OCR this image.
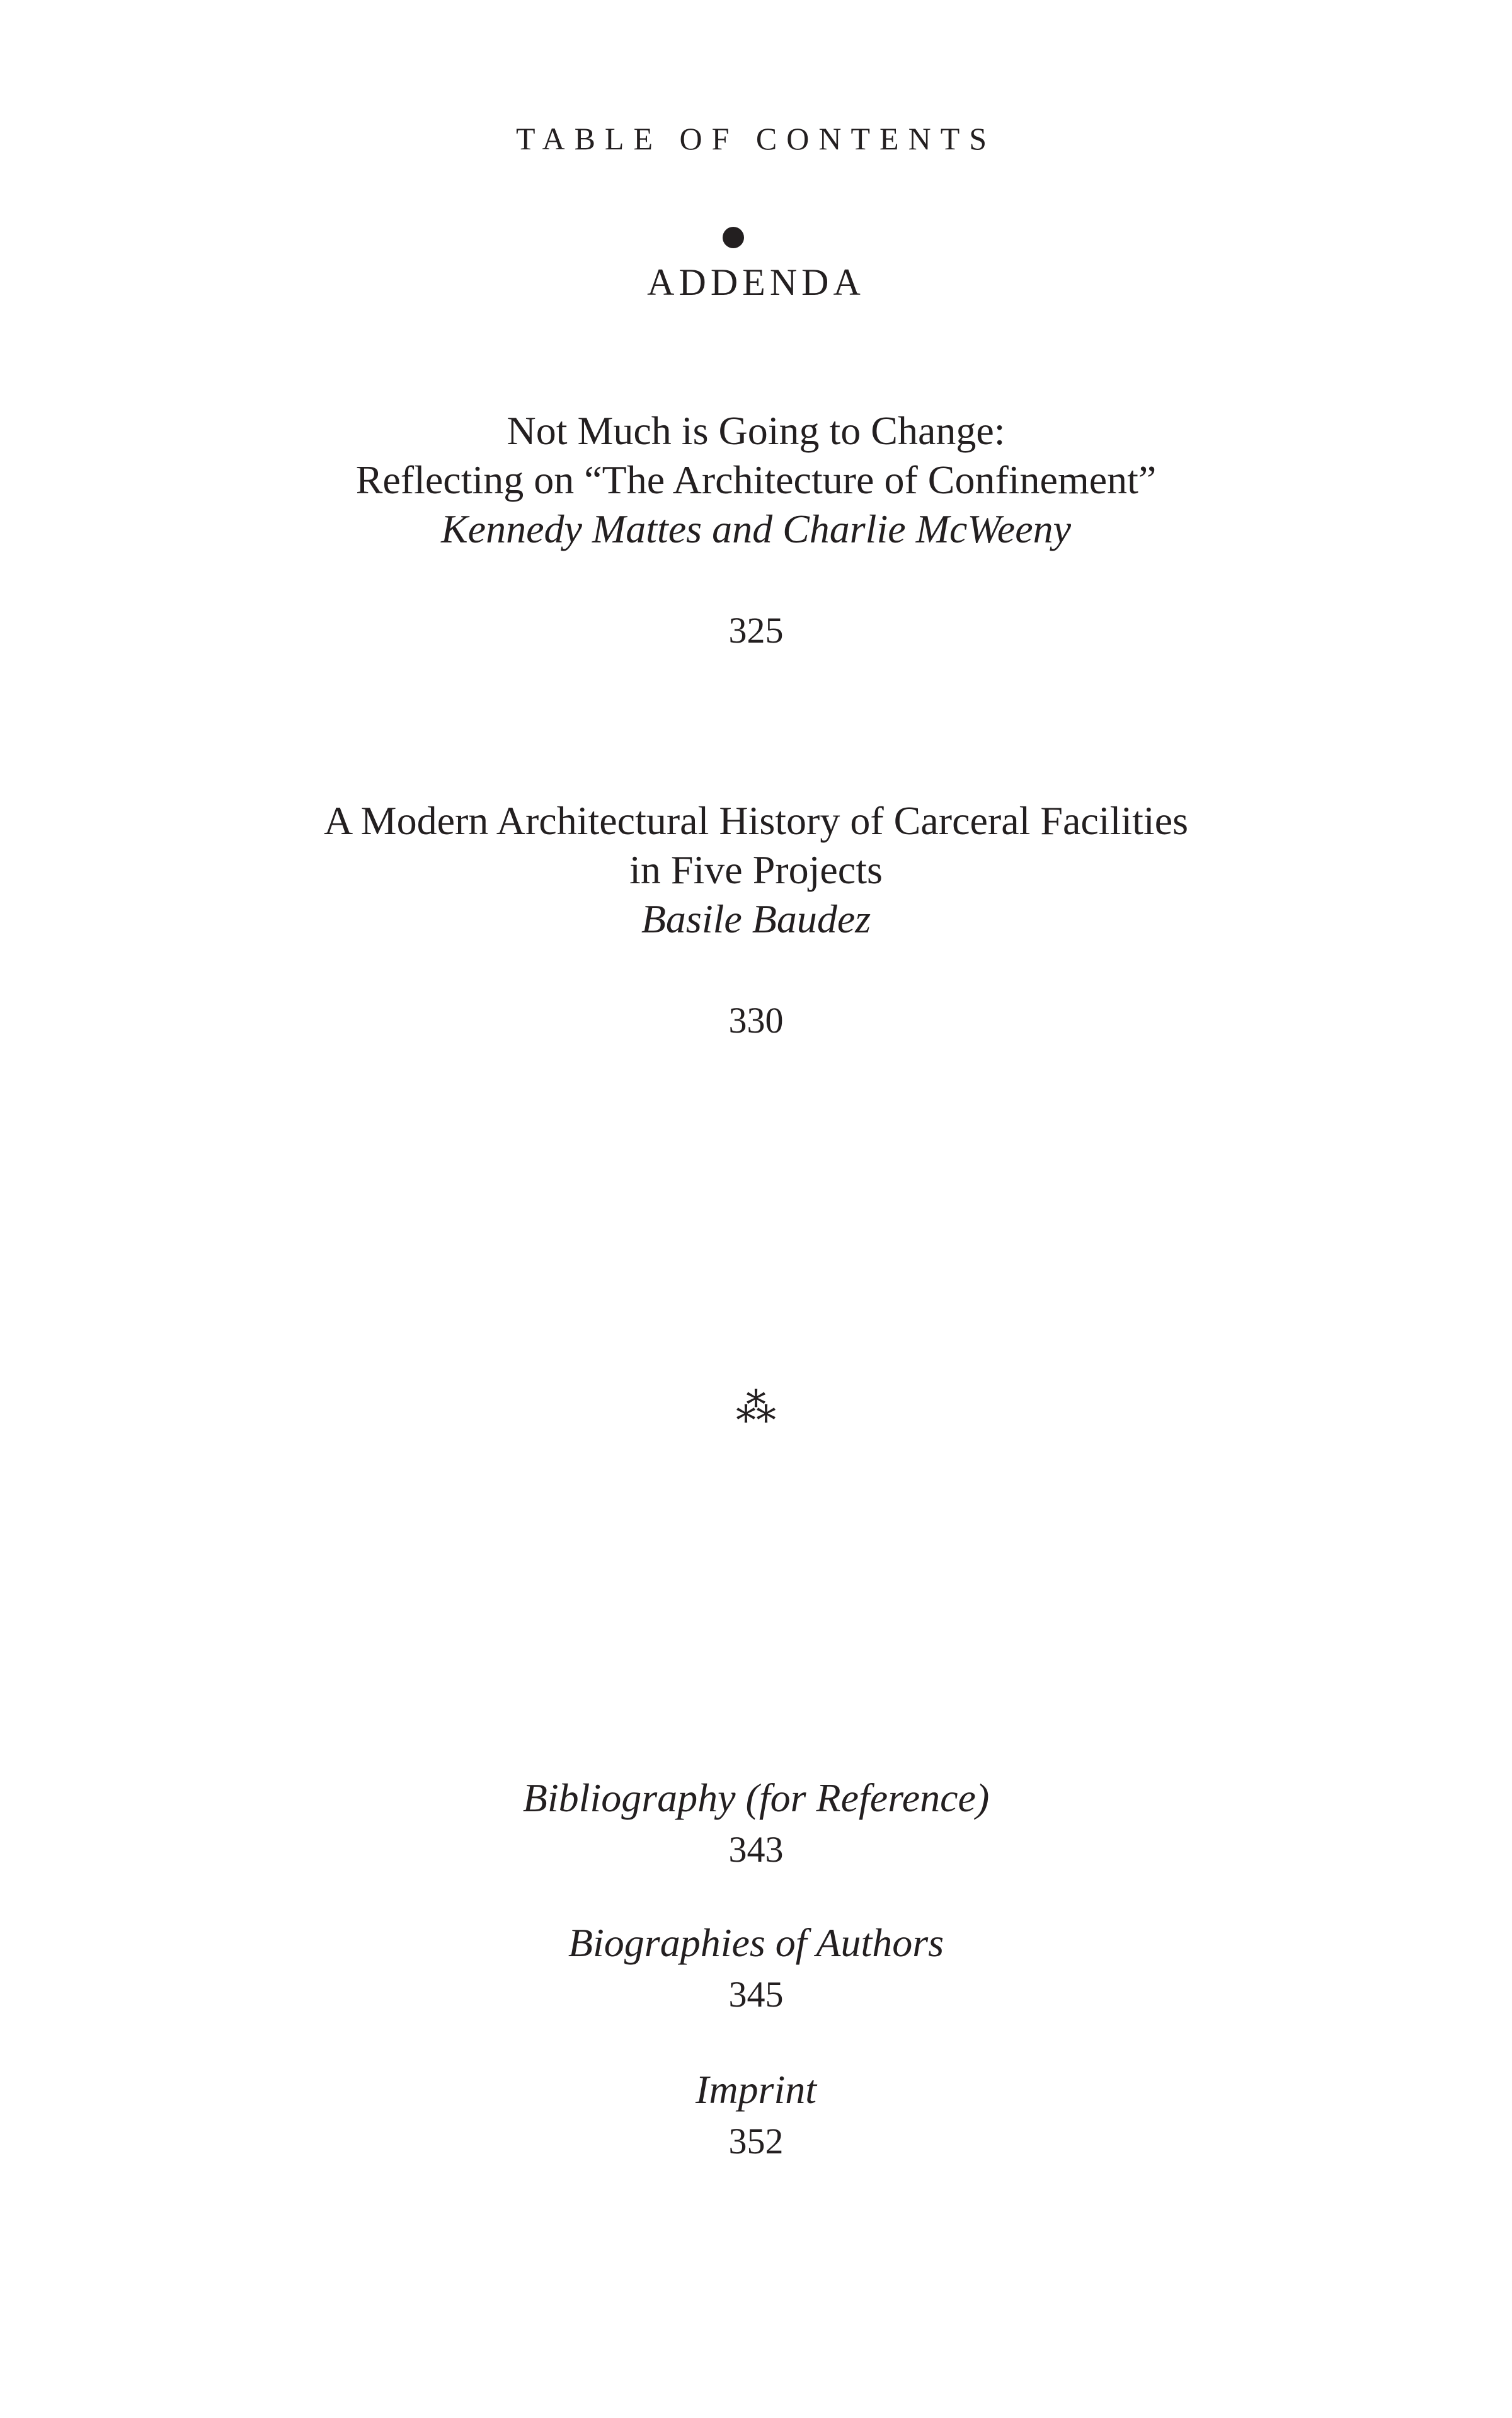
TABLE OF CONTENTS
ADDENDA
Not Much is Going to Change:
Reflecting on “The Architecture of Confinement”
Kennedy Mattes and Charlie McWeeny
325
A Modern Architectural History of Carceral Facilities
in Five Projects
Basile Baudez
330
⁂
Bibliography (for Reference)
343
Biographies of Authors
345
Imprint
352
